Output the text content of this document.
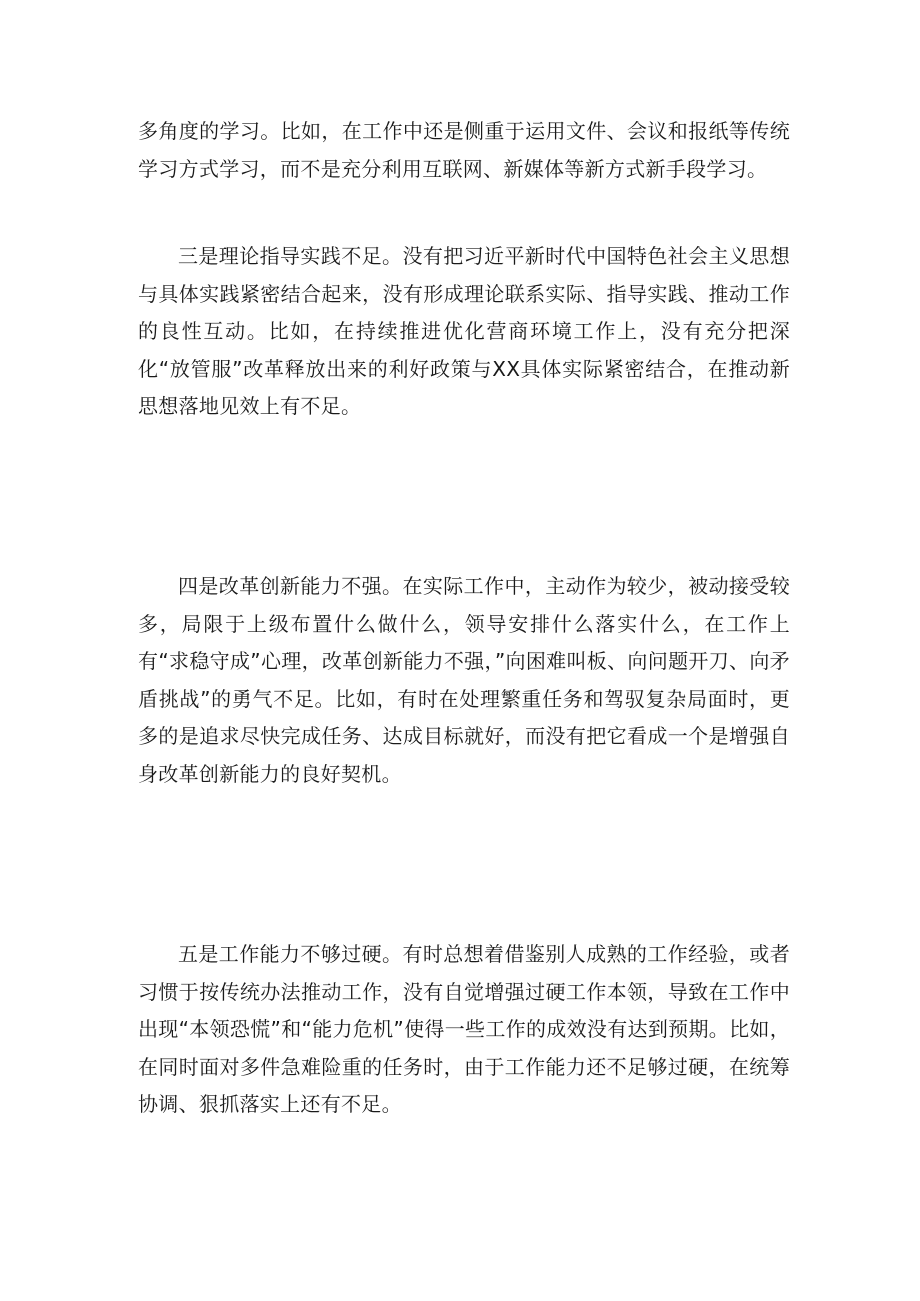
多角度的学习。比如，在工作中还是侧重于运用文件、会议和报纸等传统学习方式学习，而不是充分利用互联网、新媒体等新方式新手段学习。

三是理论指导实践不足。没有把习近平新时代中国特色社会主义思想与具体实践紧密结合起来，没有形成理论联系实际、指导实践、推动工作的良性互动。比如，在持续推进优化营商环境工作上，没有充分把深化“放管服”改革释放出来的利好政策与XX具体实际紧密结合，在推动新思想落地见效上有不足。

四是改革创新能力不强。在实际工作中，主动作为较少，被动接受较多，局限于上级布置什么做什么，领导安排什么落实什么，在工作上有“求稳守成”心理，改革创新能力不强，”向困难叫板、向问题开刀、向矛盾挑战”的勇气不足。比如，有时在处理繁重任务和驾驭复杂局面时，更多的是追求尽快完成任务、达成目标就好，而没有把它看成一个是增强自身改革创新能力的良好契机。

五是工作能力不够过硬。有时总想着借鉴别人成熟的工作经验，或者习惯于按传统办法推动工作，没有自觉增强过硬工作本领，导致在工作中出现“本领恐慌”和“能力危机”使得一些工作的成效没有达到预期。比如，在同时面对多件急难险重的任务时，由于工作能力还不足够过硬，在统筹协调、狠抓落实上还有不足。
